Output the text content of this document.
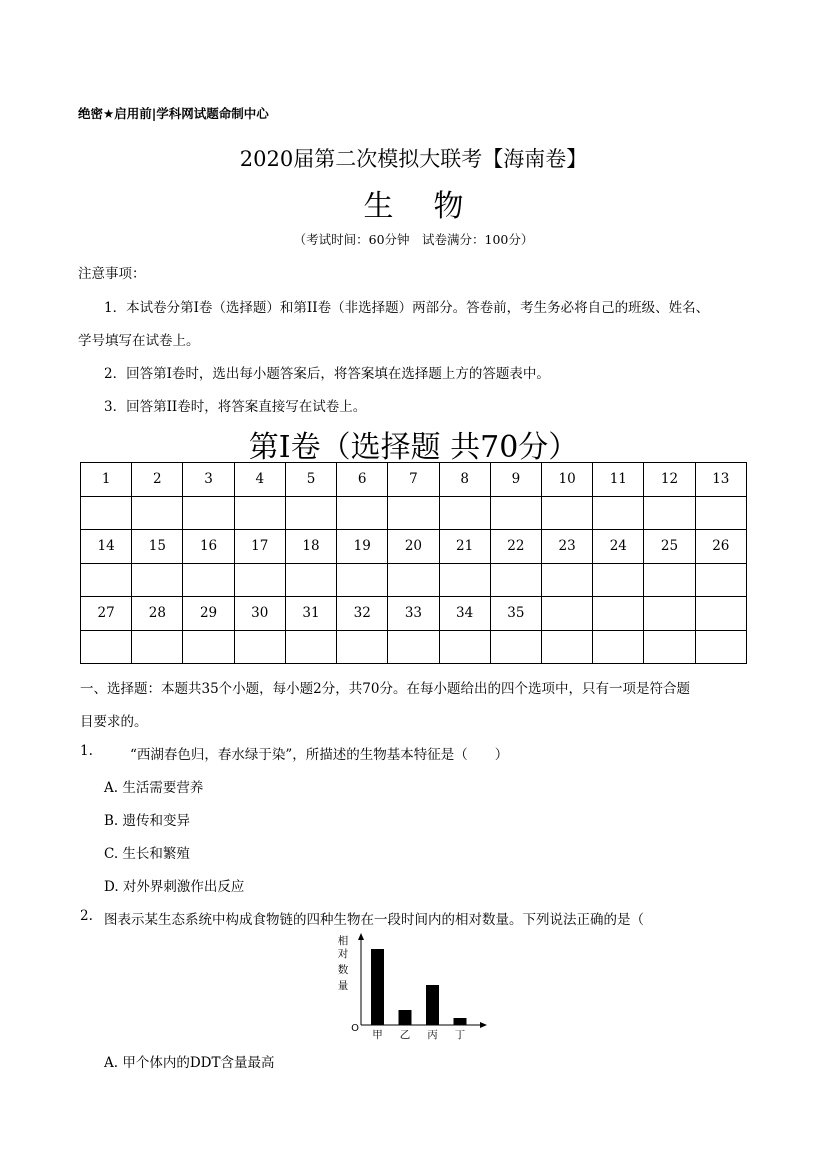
绝密★启用前|学科网试题命制中心
2020届第二次模拟大联考【海南卷】
生物
（考试时间：60分钟　试卷满分：100分）
注意事项：
1．本试卷分第I卷（选择题）和第II卷（非选择题）两部分。答卷前，考生务必将自己的班级、姓名、
学号填写在试卷上。
2．回答第I卷时，选出每小题答案后，将答案填在选择题上方的答题表中。
3．回答第II卷时，将答案直接写在试卷上。
第I卷（选择题 共70分）
1	2	3	4	5	6	7	8	9	10	11	12	13

14	15	16	17	18	19	20	21	22	23	24	25	26

27	28	29	30	31	32	33	34	35				

一、选择题：本题共35个小题，每小题2分，共70分。在每小题给出的四个选项中，只有一项是符合题
目要求的。
1.	“西湖春色归，春水绿于染”，所描述的生物基本特征是（　　）
A. 生活需要营养
B. 遗传和变异
C. 生长和繁殖
D. 对外界刺激作出反应
2. 图表示某生态系统中构成食物链的四种生物在一段时间内的相对数量。下列说法正确的是（
相
对
数
量
O
甲 乙 丙 丁
A. 甲个体内的DDT含量最高
